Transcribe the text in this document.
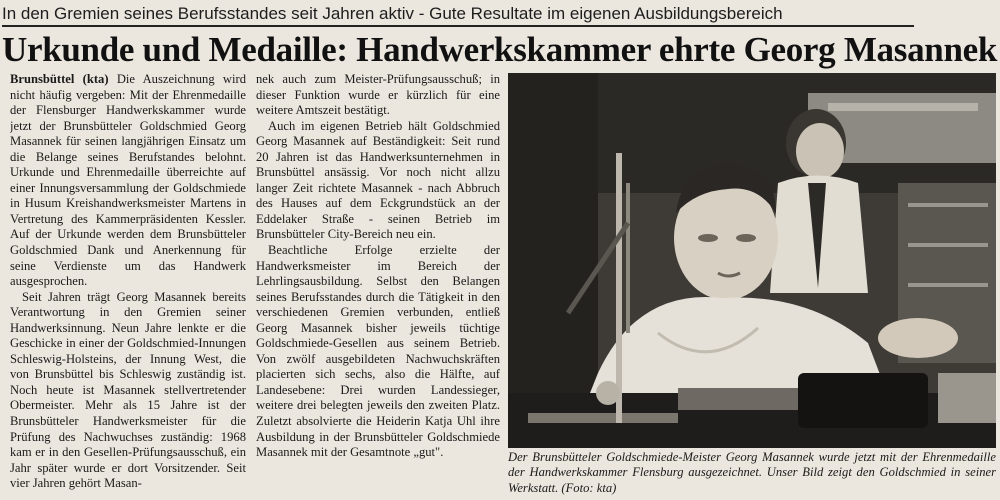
In den Gremien seines Berufsstandes seit Jahren aktiv - Gute Resultate im eigenen Ausbildungsbereich
Urkunde und Medaille: Handwerkskammer ehrte Georg Masannek

Brunsbüttel (kta) Die Auszeichnung wird nicht häufig vergeben: Mit der Ehrenmedaille der Flensburger Handwerkskammer wurde jetzt der Brunsbütteler Goldschmied Georg Masannek für seinen langjährigen Einsatz um die Belange seines Berufstandes belohnt. Urkunde und Ehrenmedaille überreichte auf einer Innungsversammlung der Goldschmiede in Husum Kreishandwerksmeister Martens in Vertretung des Kammerpräsidenten Kessler. Auf der Urkunde werden dem Brunsbütteler Goldschmied Dank und Anerkennung für seine Verdienste um das Handwerk ausgesprochen.

Seit Jahren trägt Georg Masannek bereits Verantwortung in den Gremien seiner Handwerksinnung. Neun Jahre lenkte er die Geschicke in einer der Goldschmied-Innungen Schleswig-Holsteins, der Innung West, die von Brunsbüttel bis Schleswig zuständig ist. Noch heute ist Masannek stellvertretender Obermeister. Mehr als 15 Jahre ist der Brunsbütteler Handwerksmeister für die Prüfung des Nachwuchses zuständig: 1968 kam er in den Gesellen-Prüfungsausschuß, ein Jahr später wurde er dort Vorsitzender. Seit vier Jahren gehört Masan-

nek auch zum Meister-Prüfungsausschuß; in dieser Funktion wurde er kürzlich für eine weitere Amtszeit bestätigt.

Auch im eigenen Betrieb hält Goldschmied Georg Masannek auf Beständigkeit: Seit rund 20 Jahren ist das Handwerksunternehmen in Brunsbüttel ansässig. Vor noch nicht allzu langer Zeit richtete Masannek - nach Abbruch des Hauses auf dem Eckgrundstück an der Eddelaker Straße - seinen Betrieb im Brunsbütteler City-Bereich neu ein.

Beachtliche Erfolge erzielte der Handwerksmeister im Bereich der Lehrlingsausbildung. Selbst den Belangen seines Berufsstandes durch die Tätigkeit in den verschiedenen Gremien verbunden, entließ Georg Masannek bisher jeweils tüchtige Goldschmiede-Gesellen aus seinem Betrieb. Von zwölf ausgebildeten Nachwuchskräften placierten sich sechs, also die Hälfte, auf Landesebene: Drei wurden Landessieger, weitere drei belegten jeweils den zweiten Platz. Zuletzt absolvierte die Heiderin Katja Uhl ihre Ausbildung in der Brunsbütteler Goldschmiede Masannek mit der Gesamtnote „gut".	Der Brunsbütteler Goldschmiede-Meister Georg Masannek wurde jetzt mit der Ehrenmedaille der Handwerkskammer Flensburg ausgezeichnet. Unser Bild zeigt den Goldschmied in seiner Werkstatt. (Foto: kta)
